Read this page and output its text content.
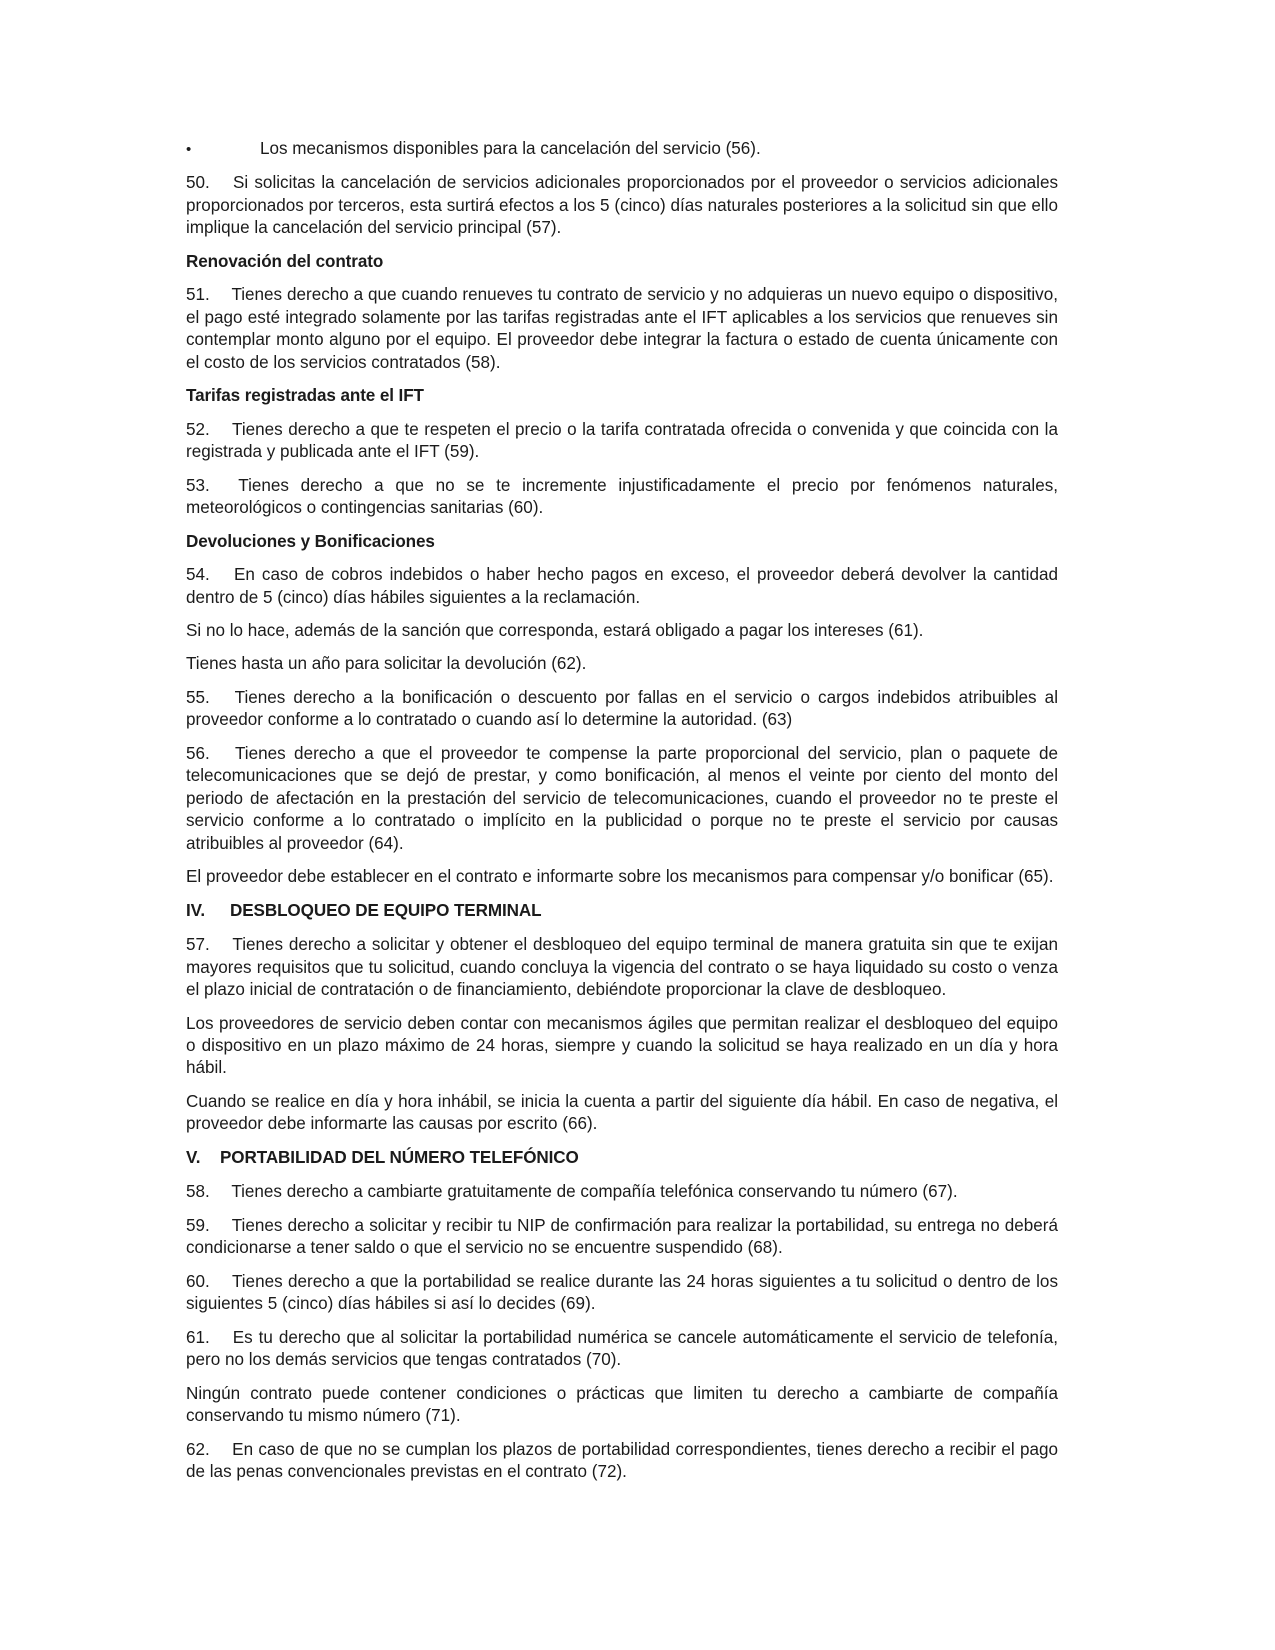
•	Los mecanismos disponibles para la cancelación del servicio (56).

50.  Si solicitas la cancelación de servicios adicionales proporcionados por el proveedor o servicios adicionales proporcionados por terceros, esta surtirá efectos a los 5 (cinco) días naturales posteriores a la solicitud sin que ello implique la cancelación del servicio principal (57).

Renovación del contrato

51.  Tienes derecho a que cuando renueves tu contrato de servicio y no adquieras un nuevo equipo o dispositivo, el pago esté integrado solamente por las tarifas registradas ante el IFT aplicables a los servicios que renueves sin contemplar monto alguno por el equipo. El proveedor debe integrar la factura o estado de cuenta únicamente con el costo de los servicios contratados (58).

Tarifas registradas ante el IFT

52.  Tienes derecho a que te respeten el precio o la tarifa contratada ofrecida o convenida y que coincida con la registrada y publicada ante el IFT (59).

53.  Tienes derecho a que no se te incremente injustificadamente el precio por fenómenos naturales, meteorológicos o contingencias sanitarias (60).

Devoluciones y Bonificaciones

54.  En caso de cobros indebidos o haber hecho pagos en exceso, el proveedor deberá devolver la cantidad dentro de 5 (cinco) días hábiles siguientes a la reclamación.

Si no lo hace, además de la sanción que corresponda, estará obligado a pagar los intereses (61).

Tienes hasta un año para solicitar la devolución (62).

55.  Tienes derecho a la bonificación o descuento por fallas en el servicio o cargos indebidos atribuibles al proveedor conforme a lo contratado o cuando así lo determine la autoridad. (63)

56.  Tienes derecho a que el proveedor te compense la parte proporcional del servicio, plan o paquete de telecomunicaciones que se dejó de prestar, y como bonificación, al menos el veinte por ciento del monto del periodo de afectación en la prestación del servicio de telecomunicaciones, cuando el proveedor no te preste el servicio conforme a lo contratado o implícito en la publicidad o porque no te preste el servicio por causas atribuibles al proveedor (64).

El proveedor debe establecer en el contrato e informarte sobre los mecanismos para compensar y/o bonificar (65).

IV. DESBLOQUEO DE EQUIPO TERMINAL

57.  Tienes derecho a solicitar y obtener el desbloqueo del equipo terminal de manera gratuita sin que te exijan mayores requisitos que tu solicitud, cuando concluya la vigencia del contrato o se haya liquidado su costo o venza el plazo inicial de contratación o de financiamiento, debiéndote proporcionar la clave de desbloqueo.

Los proveedores de servicio deben contar con mecanismos ágiles que permitan realizar el desbloqueo del equipo o dispositivo en un plazo máximo de 24 horas, siempre y cuando la solicitud se haya realizado en un día y hora hábil.

Cuando se realice en día y hora inhábil, se inicia la cuenta a partir del siguiente día hábil. En caso de negativa, el proveedor debe informarte las causas por escrito (66).

V. PORTABILIDAD DEL NÚMERO TELEFÓNICO

58.  Tienes derecho a cambiarte gratuitamente de compañía telefónica conservando tu número (67).

59.  Tienes derecho a solicitar y recibir tu NIP de confirmación para realizar la portabilidad, su entrega no deberá condicionarse a tener saldo o que el servicio no se encuentre suspendido (68).

60.  Tienes derecho a que la portabilidad se realice durante las 24 horas siguientes a tu solicitud o dentro de los siguientes 5 (cinco) días hábiles si así lo decides (69).

61.  Es tu derecho que al solicitar la portabilidad numérica se cancele automáticamente el servicio de telefonía, pero no los demás servicios que tengas contratados (70).

Ningún contrato puede contener condiciones o prácticas que limiten tu derecho a cambiarte de compañía conservando tu mismo número (71).

62.  En caso de que no se cumplan los plazos de portabilidad correspondientes, tienes derecho a recibir el pago de las penas convencionales previstas en el contrato (72).
